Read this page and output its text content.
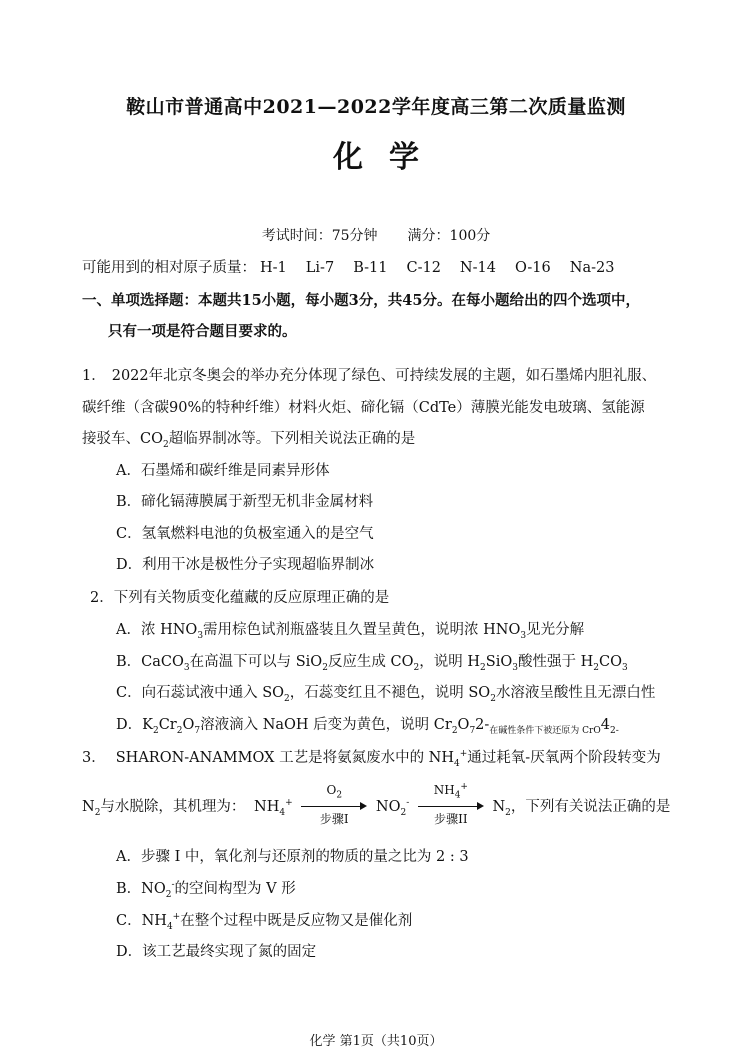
鞍山市普通高中2021—2022学年度高三第二次质量监测
化学
考试时间：75分钟 满分：100分
可能用到的相对原子质量： H-1 Li-7 B-11 C-12 N-14 O-16 Na-23
一、单项选择题：本题共15小题，每小题3分，共45分。在每小题给出的四个选项中，
只有一项是符合题目要求的。
1． 2022年北京冬奥会的举办充分体现了绿色、可持续发展的主题，如石墨烯内胆礼服、
碳纤维（含碳90%的特种纤维）材料火炬、碲化镉（CdTe）薄膜光能发电玻璃、氢能源
接驳车、$CO_2$超临界制冰等。下列相关说法正确的是
A．石墨烯和碳纤维是同素异形体
B．碲化镉薄膜属于新型无机非金属材料
C．氢氧燃料电池的负极室通入的是空气
D．利用干冰是极性分子实现超临界制冰
2．下列有关物质变化蕴藏的反应原理正确的是
A．浓 $HNO_3$需用棕色试剂瓶盛装且久置呈黄色，说明浓 $HNO_3$见光分解
B．CaCO$_3$在高温下可以与 SiO$_2$反应生成 $CO_2$，说明 $H_2SiO_3$酸性强于 $H_2CO_3$
C．向石蕊试液中通入 $SO_2$，石蕊变红且不褪色，说明 $SO_2$水溶液呈酸性且无漂白性
D．$K_2Cr_2O_7$溶液滴入 NaOH 后变为黄色，说明 $Cr_2O_72-_{在碱性条件下被还原为 CrO}4_{2-}$
3． SHARON-ANAMMOX 工艺是将氨氮废水中的 $NH_4^+$通过耗氧-厌氧两个阶段转变为
$N_2$与水脱除，其机理为： $NH_4^+$
$O_2$
步骤I
$NO_2^-$
$NH_4^+$
步骤II
$N_2$，下列有关说法正确的是
A．步骤 I 中，氧化剂与还原剂的物质的量之比为 2 : 3
B．$NO_2^-$的空间构型为 V 形
C．$NH_4^+$在整个过程中既是反应物又是催化剂
D．该工艺最终实现了氮的固定
化学 第1页（共10页）
